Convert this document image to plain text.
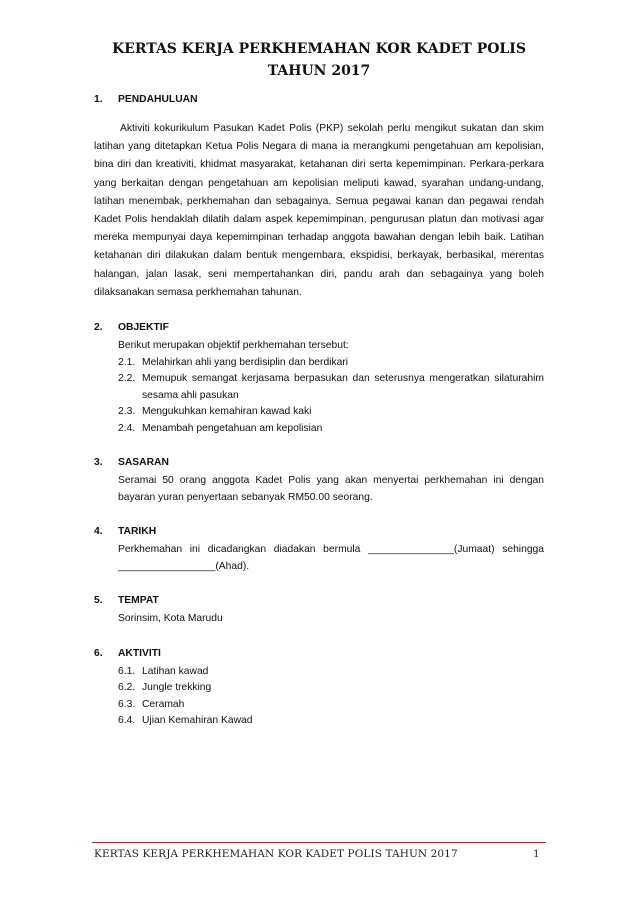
KERTAS KERJA PERKHEMAHAN KOR KADET POLIS
TAHUN 2017
1.	PENDAHULUAN

Aktiviti kokurikulum Pasukan Kadet Polis (PKP) sekolah perlu mengikut sukatan dan skim latihan yang ditetapkan Ketua Polis Negara di mana ia merangkumi pengetahuan am kepolisian, bina diri dan kreativiti, khidmat masyarakat, ketahanan diri serta kepemimpinan. Perkara-perkara yang berkaitan dengan pengetahuan am kepolisian meliputi kawad, syarahan undang-undang, latihan menembak, perkhemahan dan sebagainya. Semua pegawai kanan dan pegawai rendah Kadet Polis hendaklah dilatih dalam aspek kepemimpinan, pengurusan platun dan motivasi agar mereka mempunyai daya kepemimpinan terhadap anggota bawahan dengan lebih baik. Latihan ketahanan diri dilakukan dalam bentuk mengembara, ekspidisi, berkayak, berbasikal, merentas halangan, jalan lasak, seni mempertahankan diri, pandu arah dan sebagainya yang boleh dilaksanakan semasa perkhemahan tahunan.

2.	OBJEKTIF
Berikut merupakan objektif perkhemahan tersebut:
2.1. Melahirkan ahli yang berdisiplin dan berdikari
2.2. Memupuk semangat kerjasama berpasukan dan seterusnya mengeratkan silaturahim sesama ahli pasukan
2.3. Mengukuhkan kemahiran kawad kaki
2.4. Menambah pengetahuan am kepolisian
3.	SASARAN
Seramai 50 orang anggota Kadet Polis yang akan menyertai perkhemahan ini dengan bayaran yuran penyertaan sebanyak RM50.00 seorang.
4.	TARIKH
Perkhemahan ini dicadangkan diadakan bermula _______________(Jumaat) sehingga _________________(Ahad).
5.	TEMPAT
Sorinsim, Kota Marudu
6.	AKTIVITI
6.1. Latihan kawad
6.2. Jungle trekking
6.3. Ceramah
6.4. Ujian Kemahiran Kawad
KERTAS KERJA PERKHEMAHAN KOR KADET POLIS TAHUN 2017	1
